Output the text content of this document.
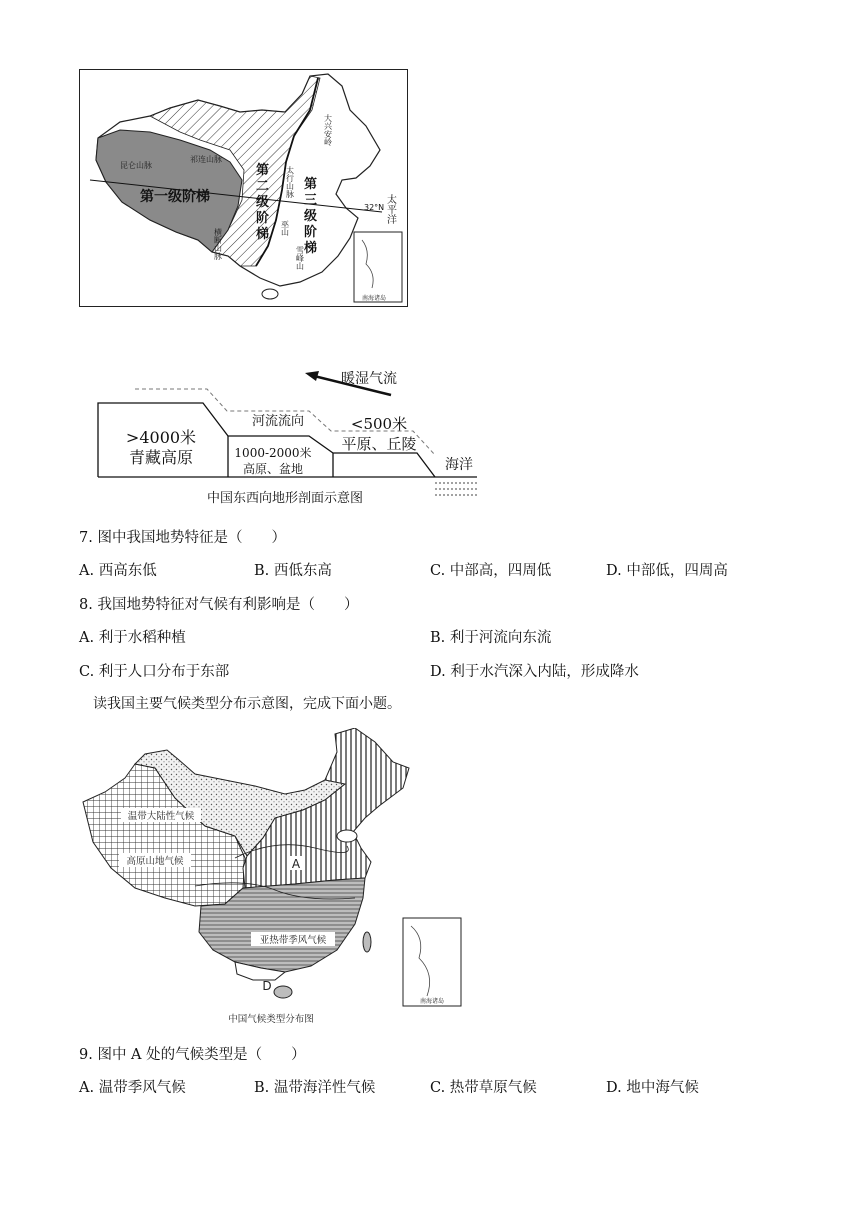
南海诸岛
第一级阶梯
昆仑山脉
祁连山脉
大兴安岭
太行山脉
巫山
雪峰山
横断山脉
第
二
级
阶
梯
第
三
级
阶
梯
32°N 太平洋
暖湿气流
>4000米
青藏高原
河流流向
1000-2000米
高原、盆地
<500米
平原、丘陵
海洋
中国东西向地形剖面示意图
7. 图中我国地势特征是（　　）
A. 西高东低	B. 西低东高	C. 中部高，四周低	D. 中部低，四周高
8. 我国地势特征对气候有利影响是（　　）
A. 利于水稻种植	B. 利于河流向东流
C. 利于人口分布于东部	D. 利于水汽深入内陆，形成降水
读我国主要气候类型分布示意图，完成下面小题。
南海诸岛
温带大陆性气候
高原山地气候
亚热带季风气候
A
D
中国气候类型分布图
9. 图中 A 处的气候类型是（　　）
A. 温带季风气候	B. 温带海洋性气候	C. 热带草原气候	D. 地中海气候
